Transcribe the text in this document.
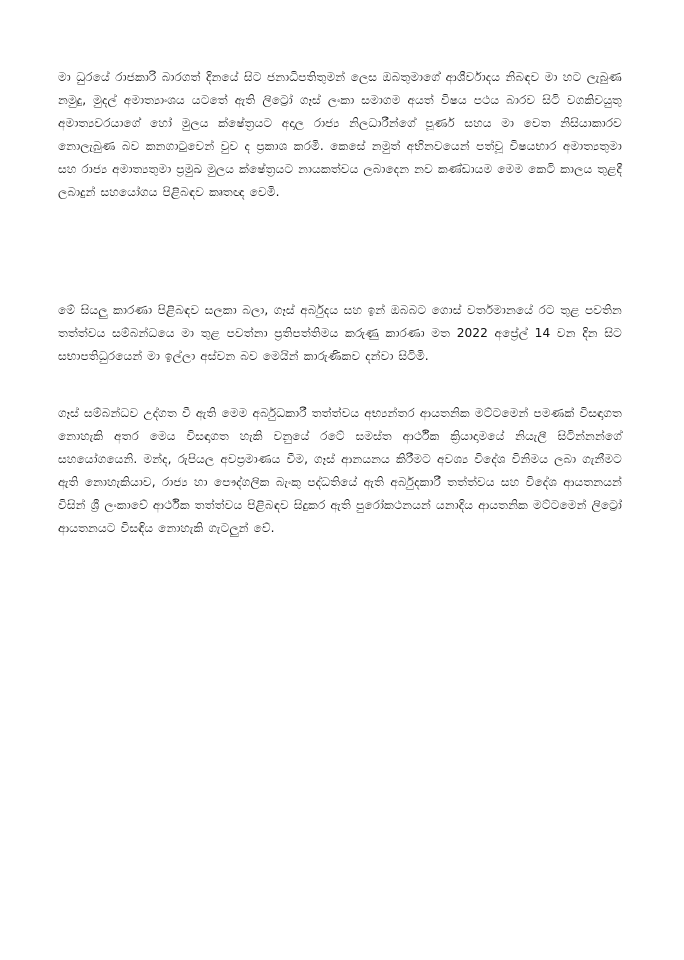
මා ධුරයේ රාජකාරි බාරගත් දිනයේ සිට ජනාධිපතිතුමන් ලෙස ඔබතුමාගේ ආශීර්වාදය නිබඳව මා හට ලැබුණ නමුදු, මුදල් අමාත්‍යාංශය යටතේ ඇති ලිට්‍රෝ ගෑස් ලංකා සමාගම අයත් විෂය පථය බාරව සිටි වගකිවයුතු අමාත්‍යවරයාගේ හෝ මුලය ක්ෂේත්‍රයට අදාල රාජ්‍ය නිලධාරීන්ගේ පූර්ණ සහය මා වෙත නිසියාකාරව නොලැබුණ බව කනගාටුවෙන් වුව ද ප්‍රකාශ කරමි. කෙසේ නමුත් අභිනවයෙන් පත්වූ විෂයභාර අමාත්‍යතුමා සහ රාජ්‍ය අමාත්‍යතුමා ප්‍රමුඛ මුලය ක්ෂේත්‍රයට නායකත්වය ලබාදෙන නව කණ්ඩායම මෙම කෙටි කාලය තුළදී ලබාදුන් සහයෝගය පිළිබඳව කෘතඥ වෙමි.

මේ සියලු කාරණා පිළිබඳව සලකා බලා, ගෑස් අර්බුදය සහ ඉන් ඔබබට ගොස් වර්තමානයේ රට තුළ පවතින තත්ත්වය සම්බන්ධයෙ මා තුළ පවත්නා ප්‍රතිපත්තිමය කරුණු කාරණා මත 2022 අප්‍රේල් 14 වන දින සිට සභාපතිධුරයෙන් මා ඉල්ලා අස්වන බව මෙයින් කාරුණිකව දන්වා සිටිමි.

ගෑස් සම්බන්ධව උද්ගත වී ඇති මෙම අර්බුධකාරී තත්ත්වය අභ්‍යන්තර ආයතනික මට්ටමෙන් පමණක් විසඳාගත නොහැකි අතර මෙය විසඳාගත හැකි වනුයේ රටේ සමස්ත ආර්ථික ක්‍රියාදාමයේ නියැලී සිටින්නන්ගේ සහයෝගයෙනි. මන්ද, රුපියල අවප්‍රමාණය වීම, ගෑස් ආනයනය කිරීමට අවශ්‍ය විදේශ විනිමය ලබා ගැනීමට ඇති නොහැකියාව, රාජ්‍ය හා පෞද්ගලික බැංකු පද්ධතියේ ඇති අර්බුදකාරී තත්ත්වය සහ විදේශ ආයතනයන් විසින් ශ්‍රී ලංකාවේ ආර්ථික තත්ත්වය පිළිබඳව සිදුකර ඇති පුරෝකථනයන් යනාදිය ආයතනික මට්ටමෙන් ලිට්‍රෝ ආයතනයට විසඳිය නොහැකි ගැටලුන් වේ.
